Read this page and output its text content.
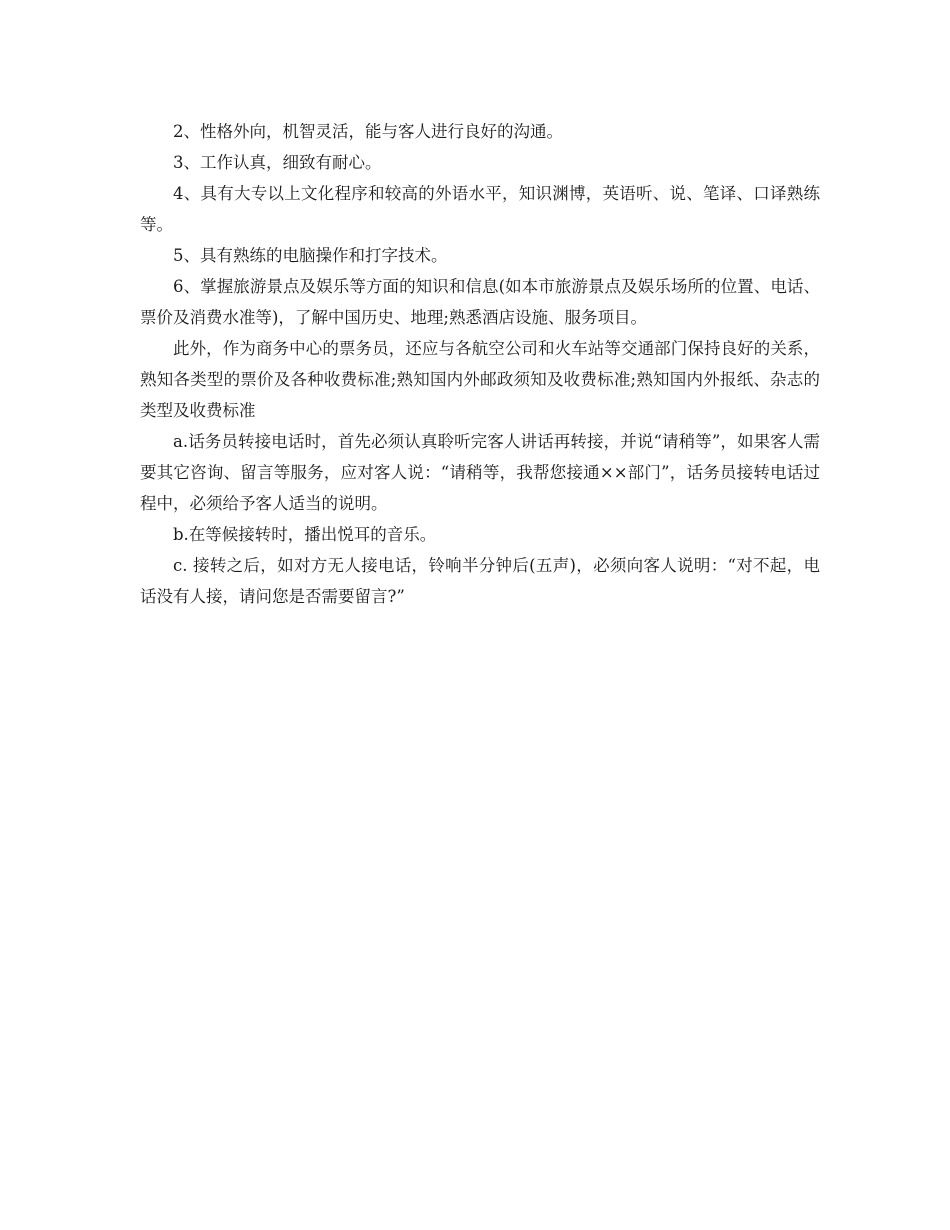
2、性格外向，机智灵活，能与客人进行良好的沟通。

3、工作认真，细致有耐心。

4、具有大专以上文化程序和较高的外语水平，知识渊博，英语听、说、笔译、口译熟练等。

5、具有熟练的电脑操作和打字技术。

6、掌握旅游景点及娱乐等方面的知识和信息(如本市旅游景点及娱乐场所的位置、电话、票价及消费水准等)，了解中国历史、地理;熟悉酒店设施、服务项目。

此外，作为商务中心的票务员，还应与各航空公司和火车站等交通部门保持良好的关系，熟知各类型的票价及各种收费标准;熟知国内外邮政须知及收费标准;熟知国内外报纸、杂志的类型及收费标准

a.话务员转接电话时，首先必须认真聆听完客人讲话再转接，并说“请稍等”，如果客人需要其它咨询、留言等服务，应对客人说：“请稍等，我帮您接通××部门”，话务员接转电话过程中，必须给予客人适当的说明。

b.在等候接转时，播出悦耳的音乐。

c. 接转之后，如对方无人接电话，铃响半分钟后(五声)，必须向客人说明：“对不起，电话没有人接，请问您是否需要留言?”
